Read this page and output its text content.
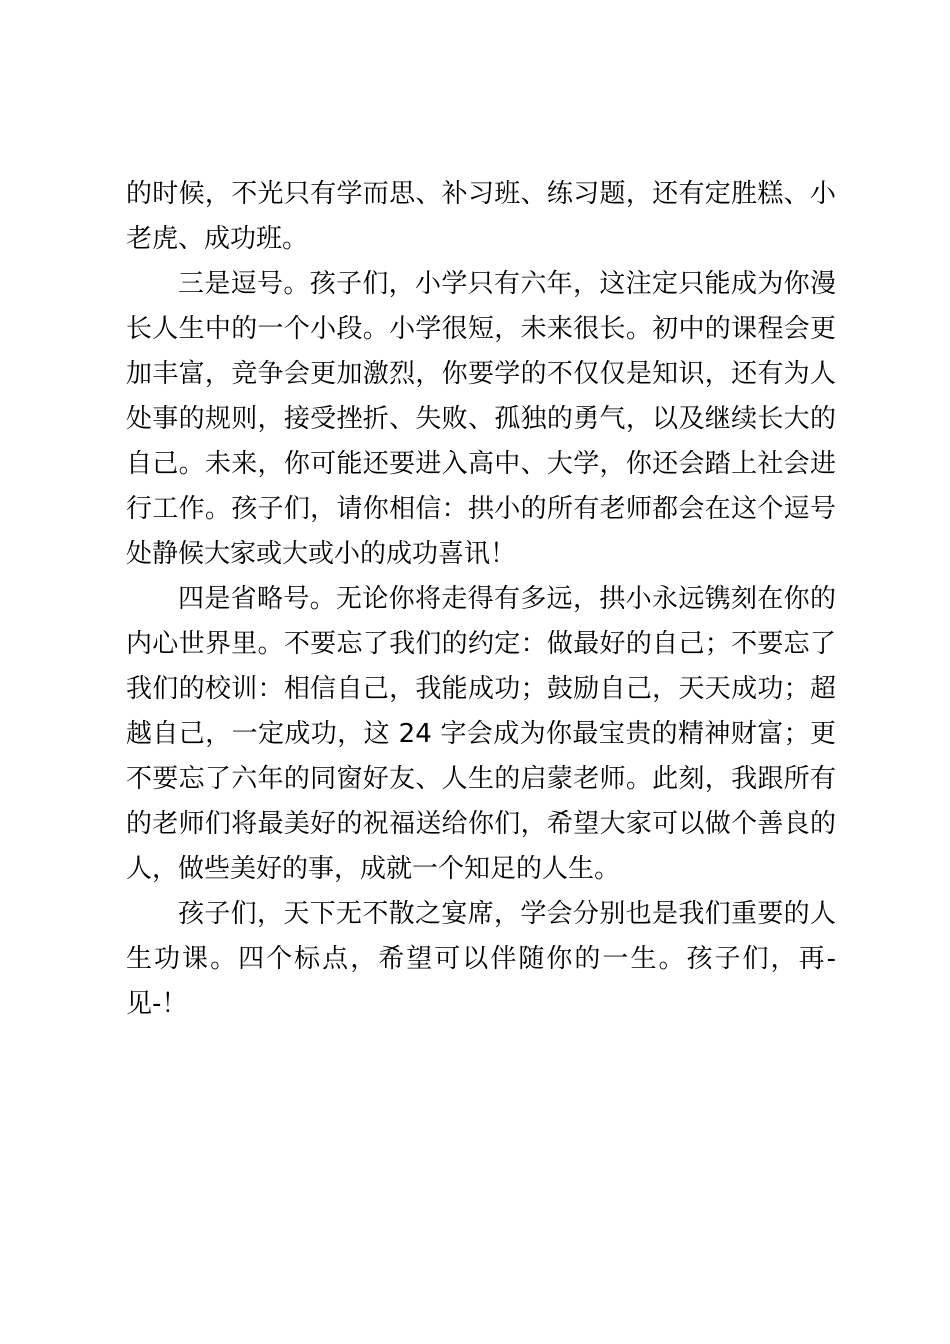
的时候，不光只有学而思、补习班、练习题，还有定胜糕、小老虎、成功班。

三是逗号。孩子们，小学只有六年，这注定只能成为你漫长人生中的一个小段。小学很短，未来很长。初中的课程会更加丰富，竞争会更加激烈，你要学的不仅仅是知识，还有为人处事的规则，接受挫折、失败、孤独的勇气，以及继续长大的自己。未来，你可能还要进入高中、大学，你还会踏上社会进行工作。孩子们，请你相信：拱小的所有老师都会在这个逗号处静候大家或大或小的成功喜讯！

四是省略号。无论你将走得有多远，拱小永远镌刻在你的内心世界里。不要忘了我们的约定：做最好的自己；不要忘了我们的校训：相信自己，我能成功；鼓励自己，天天成功；超越自己，一定成功，这 24 字会成为你最宝贵的精神财富；更不要忘了六年的同窗好友、人生的启蒙老师。此刻，我跟所有的老师们将最美好的祝福送给你们，希望大家可以做个善良的人，做些美好的事，成就一个知足的人生。

孩子们，天下无不散之宴席，学会分别也是我们重要的人生功课。四个标点，希望可以伴随你的一生。孩子们，再-见-！
